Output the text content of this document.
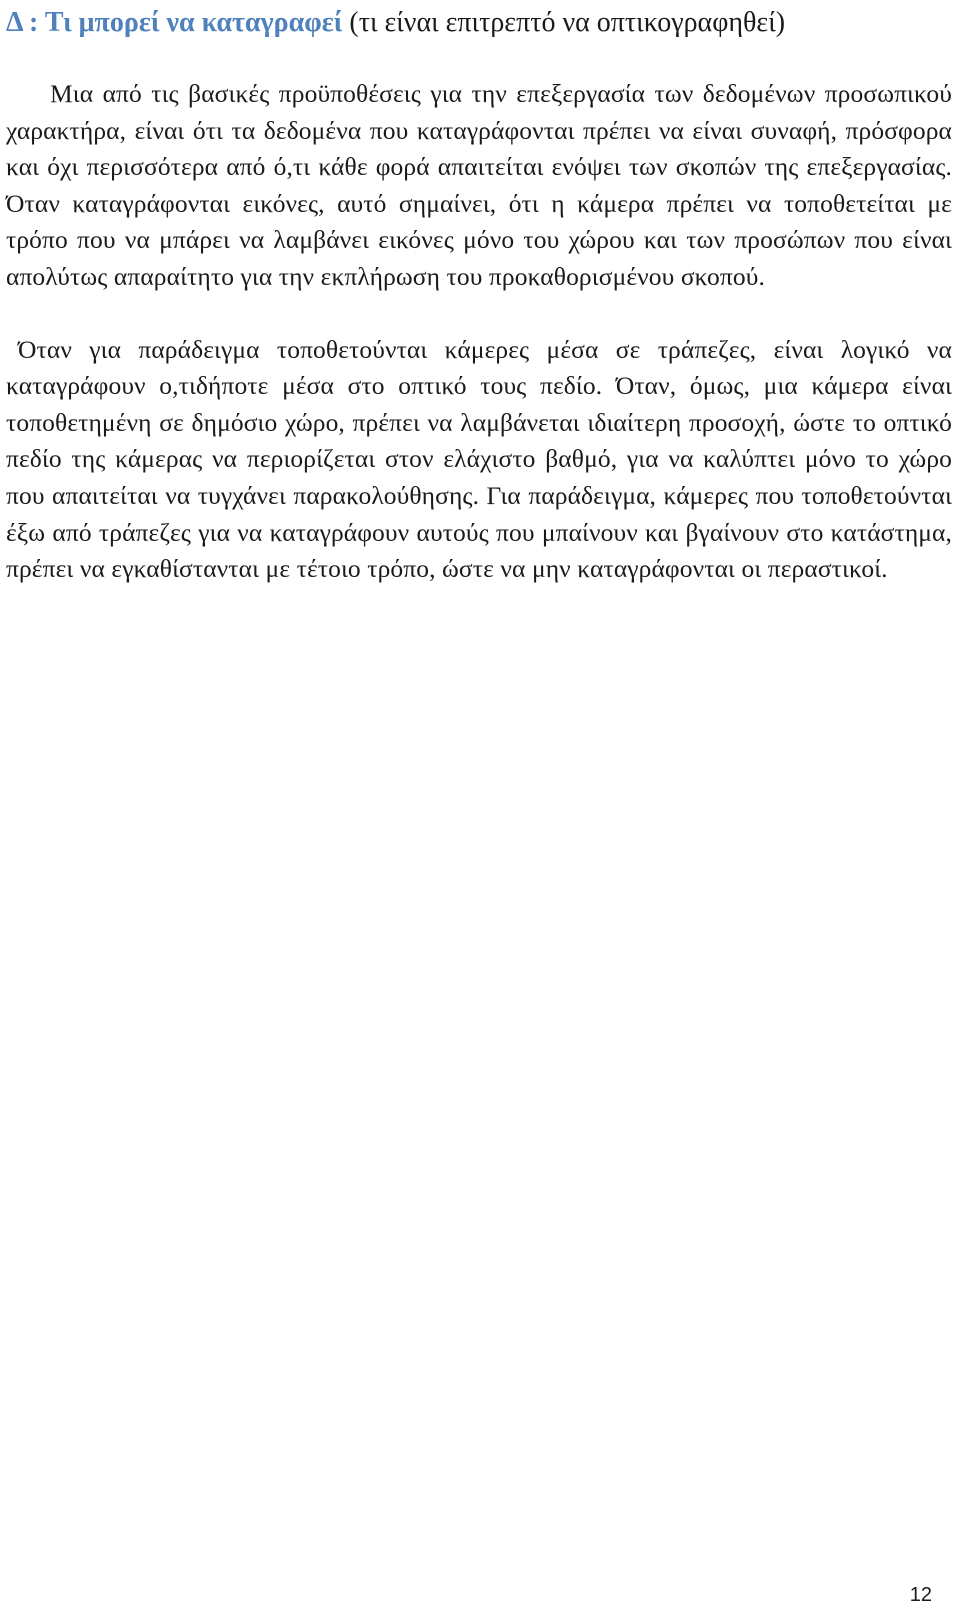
Δ : Τι μπορεί να καταγραφεί (τι είναι επιτρεπτό να οπτικογραφηθεί)

Μια από τις βασικές προϋποθέσεις για την επεξεργασία των δεδομένων προσωπικού χαρακτήρα, είναι ότι τα δεδομένα που καταγράφονται πρέπει να είναι συναφή, πρόσφορα και όχι περισσότερα από ό,τι κάθε φορά απαιτείται ενόψει των σκοπών της επεξεργασίας. Όταν καταγράφονται εικόνες, αυτό σημαίνει, ότι η κάμερα πρέπει να τοποθετείται με τρόπο που να μπάρει να λαμβάνει εικόνες μόνο του χώρου και των προσώπων που είναι απολύτως απαραίτητο για την εκπλήρωση του προκαθορισμένου σκοπού.

Όταν για παράδειγμα τοποθετούνται κάμερες μέσα σε τράπεζες, είναι λογικό να καταγράφουν ο,τιδήποτε μέσα στο οπτικό τους πεδίο. Όταν, όμως, μια κάμερα είναι τοποθετημένη σε δημόσιο χώρο, πρέπει να λαμβάνεται ιδιαίτερη προσοχή, ώστε το οπτικό πεδίο της κάμερας να περιορίζεται στον ελάχιστο βαθμό, για να καλύπτει μόνο το χώρο που απαιτείται να τυγχάνει παρακολούθησης. Για παράδειγμα, κάμερες που τοποθετούνται έξω από τράπεζες για να καταγράφουν αυτούς που μπαίνουν και βγαίνουν στο κατάστημα, πρέπει να εγκαθίστανται με τέτοιο τρόπο, ώστε να μην καταγράφονται οι περαστικοί.

12
